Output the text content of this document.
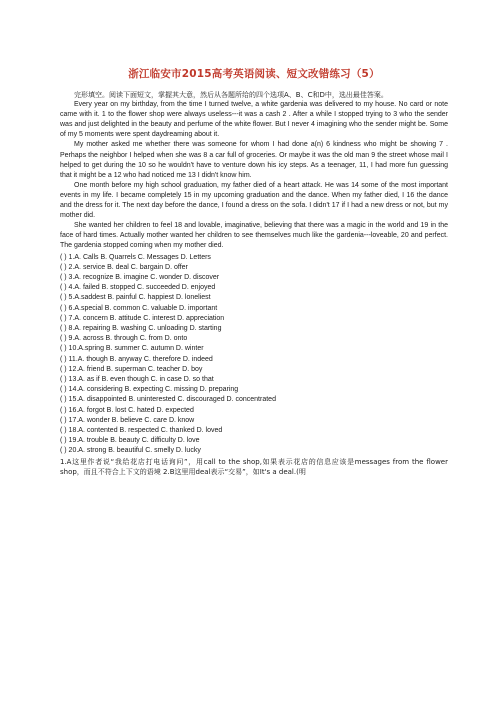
浙江临安市2015高考英语阅读、短文改错练习（5）

完形填空。阅读下面短文，掌握其大意，然后从各题所给的四个选项A、B、C和D中，选出最佳答案。

Every year on my birthday, from the time I turned twelve, a white gardenia was delivered to my house. No card or note came with it. 1 to the flower shop were always useless---it was a cash 2 . After a while I stopped trying to 3 who the sender was and just delighted in the beauty and perfume of the white flower. But I never 4 imagining who the sender might be. Some of my 5 moments were spent daydreaming about it.

My mother asked me whether there was someone for whom I had done a(n) 6 kindness who might be showing 7 . Perhaps the neighbor I helped when she was 8 a car full of groceries. Or maybe it was the old man 9 the street whose mail I helped to get during the 10 so he wouldn't have to venture down his icy steps. As a teenager, 11, I had more fun guessing that it might be a 12 who had noticed me 13 I didn't know him.

One month before my high school graduation, my father died of a heart attack. He was 14 some of the most important events in my life. I became completely 15 in my upcoming graduation and the dance. When my father died, I 16 the dance and the dress for it. The next day before the dance, I found a dress on the sofa. I didn't 17 if I had a new dress or not, but my mother did.

She wanted her children to feel 18 and lovable, imaginative, believing that there was a magic in the world and 19 in the face of hard times. Actually mother wanted her children to see themselves much like the gardenia---loveable, 20 and perfect. The gardenia stopped coming when my mother died.

( ) 1.A. Calls B. Quarrels C. Messages D. Letters

( ) 2.A. service B. deal C. bargain D. offer

( ) 3.A. recognize B. imagine C. wonder D. discover

( ) 4.A. failed B. stopped C. succeeded D. enjoyed

( ) 5.A.saddest B. painful C. happiest D. loneliest

( ) 6.A.special B. common C. valuable D. important

( ) 7.A. concern B. attitude C. interest D. appreciation

( ) 8.A. repairing B. washing C. unloading D. starting

( ) 9.A. across B. through C. from D. onto

( ) 10.A.spring B. summer C. autumn D. winter

( ) 11.A. though B. anyway C. therefore D. indeed

( ) 12.A. friend B. superman C. teacher D. boy

( ) 13.A. as if B. even though C. in case D. so that

( ) 14.A. considering B. expecting C. missing D. preparing

( ) 15.A. disappointed B. uninterested C. discouraged D. concentrated

( ) 16.A. forgot B. lost C. hated D. expected

( ) 17.A. wonder B. believe C. care D. know

( ) 18.A. contented B. respected C. thanked D. loved

( ) 19.A. trouble B. beauty C. difficulty D. love

( ) 20.A. strong B. beautiful C. smelly D. lucky

1.A这里作者说“我给花店打电话询问”，用call to the shop,如果表示花店的信息应该是messages from the flower shop，而且不符合上下文的语境 2.B这里用deal表示“交易”，如It's a deal.(明
